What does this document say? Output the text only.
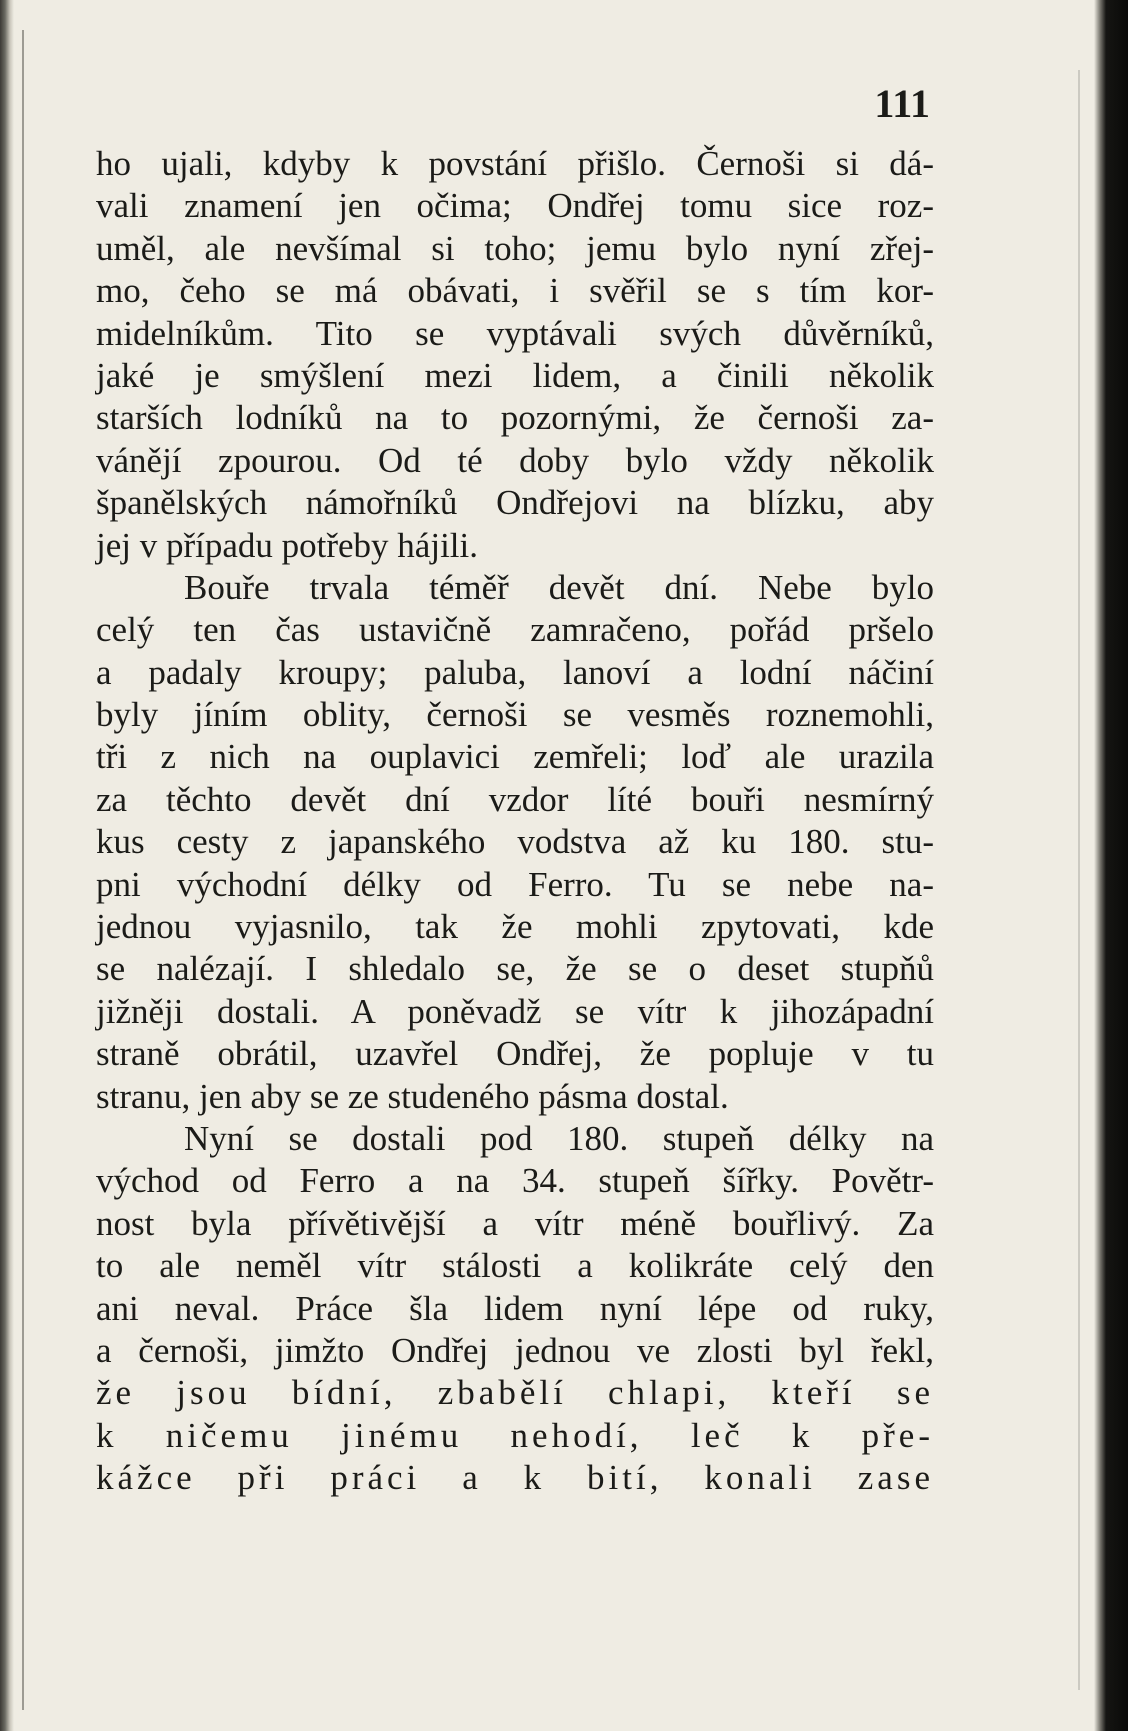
111
ho ujali, kdyby k povstání přišlo. Černoši si dá-
vali znamení jen očima; Ondřej tomu sice roz-
uměl, ale nevšímal si toho; jemu bylo nyní zřej-
mo, čeho se má obávati, i svěřil se s tím kor-
midelníkům. Tito se vyptávali svých důvěrníků,
jaké je smýšlení mezi lidem, a činili několik
starších lodníků na to pozornými, že černoši za-
vánějí zpourou. Od té doby bylo vždy několik
španělských námořníků Ondřejovi na blízku, aby
jej v případu potřeby hájili.
Bouře trvala téměř devět dní. Nebe bylo
celý ten čas ustavičně zamračeno, pořád pršelo
a padaly kroupy; paluba, lanoví a lodní náčiní
byly jíním oblity, černoši se vesměs roznemohli,
tři z nich na ouplavici zemřeli; loď ale urazila
za těchto devět dní vzdor líté bouři nesmírný
kus cesty z japanského vodstva až ku 180. stu-
pni východní délky od Ferro. Tu se nebe na-
jednou vyjasnilo, tak že mohli zpytovati, kde
se nalézají. I shledalo se, že se o deset stupňů
jižněji dostali. A poněvadž se vítr k jihozápadní
straně obrátil, uzavřel Ondřej, že popluje v tu
stranu, jen aby se ze studeného pásma dostal.
Nyní se dostali pod 180. stupeň délky na
východ od Ferro a na 34. stupeň šířky. Povětr-
nost byla přívětivější a vítr méně bouřlivý. Za
to ale neměl vítr stálosti a kolikráte celý den
ani neval. Práce šla lidem nyní lépe od ruky,
a černoši, jimžto Ondřej jednou ve zlosti byl řekl,
že jsou bídní, zbabělí chlapi, kteří se
k ničemu jinému nehodí, leč k pře-
kážce při práci a k bití, konali zase
